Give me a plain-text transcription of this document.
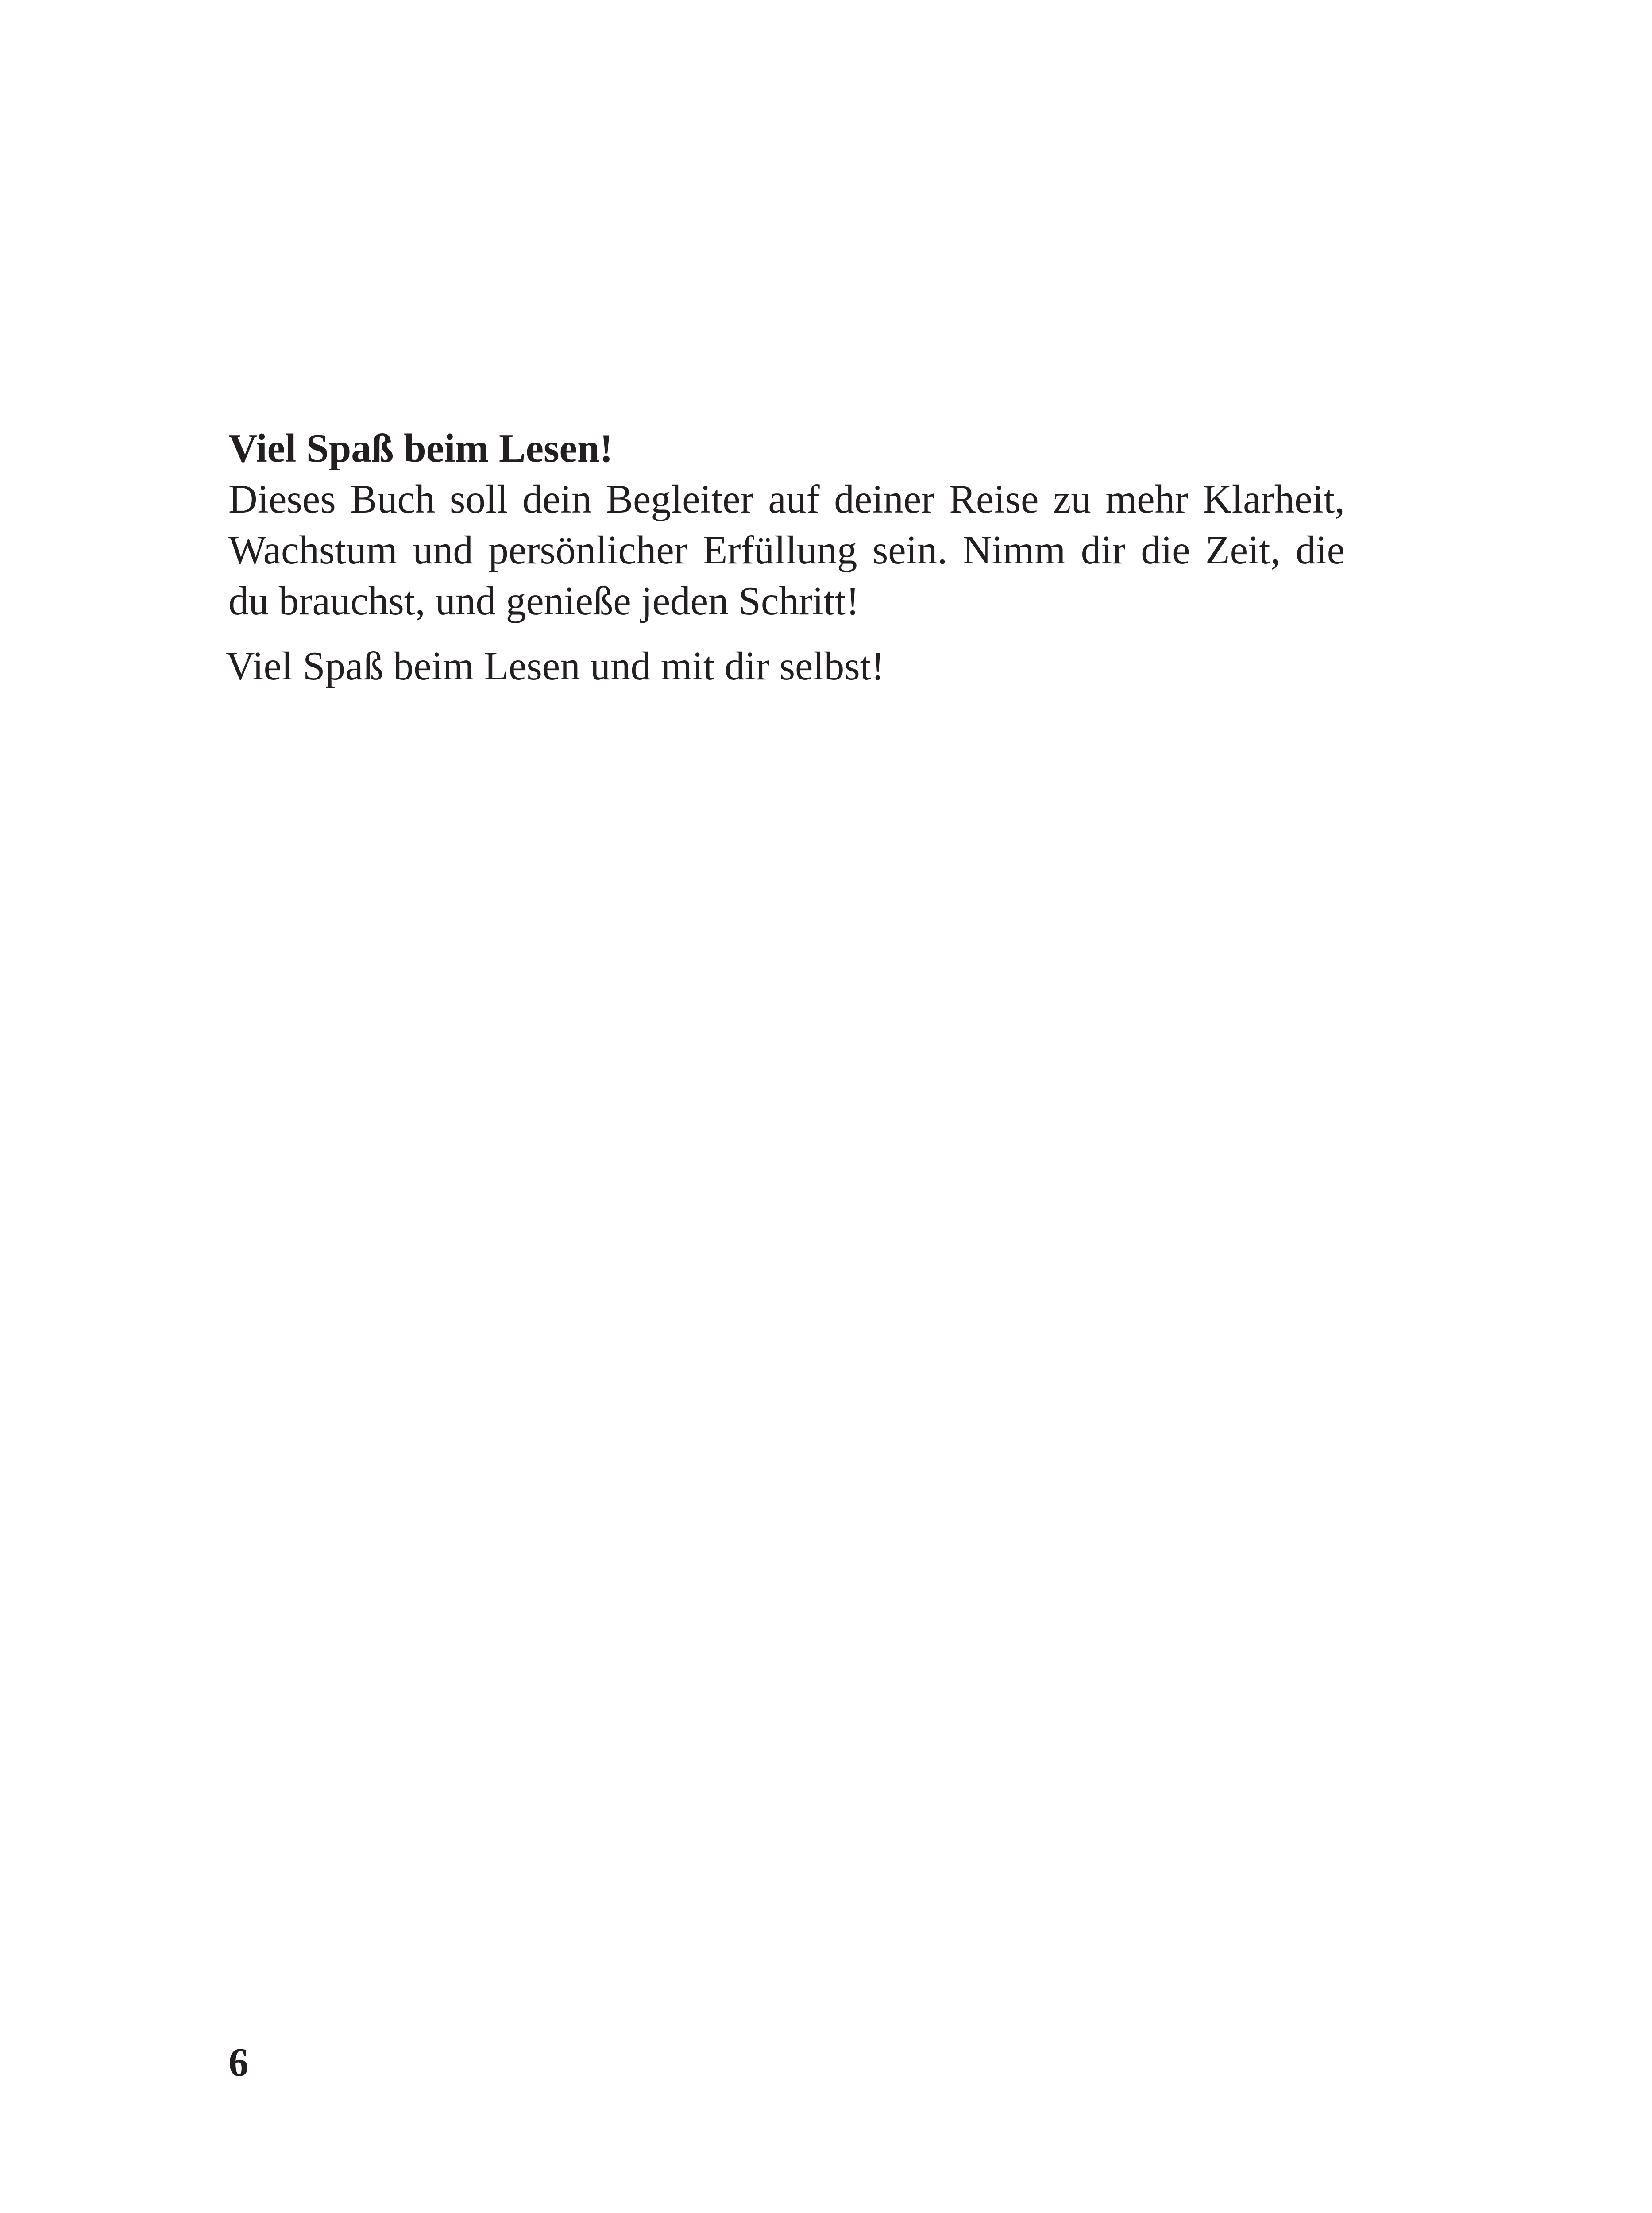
Viel Spaß beim Lesen!

Dieses Buch soll dein Begleiter auf deiner Reise zu mehr Klarheit, Wachstum und persönlicher Erfüllung sein. Nimm dir die Zeit, die du brauchst, und genieße jeden Schritt!

Viel Spaß beim Lesen und mit dir selbst!

6
